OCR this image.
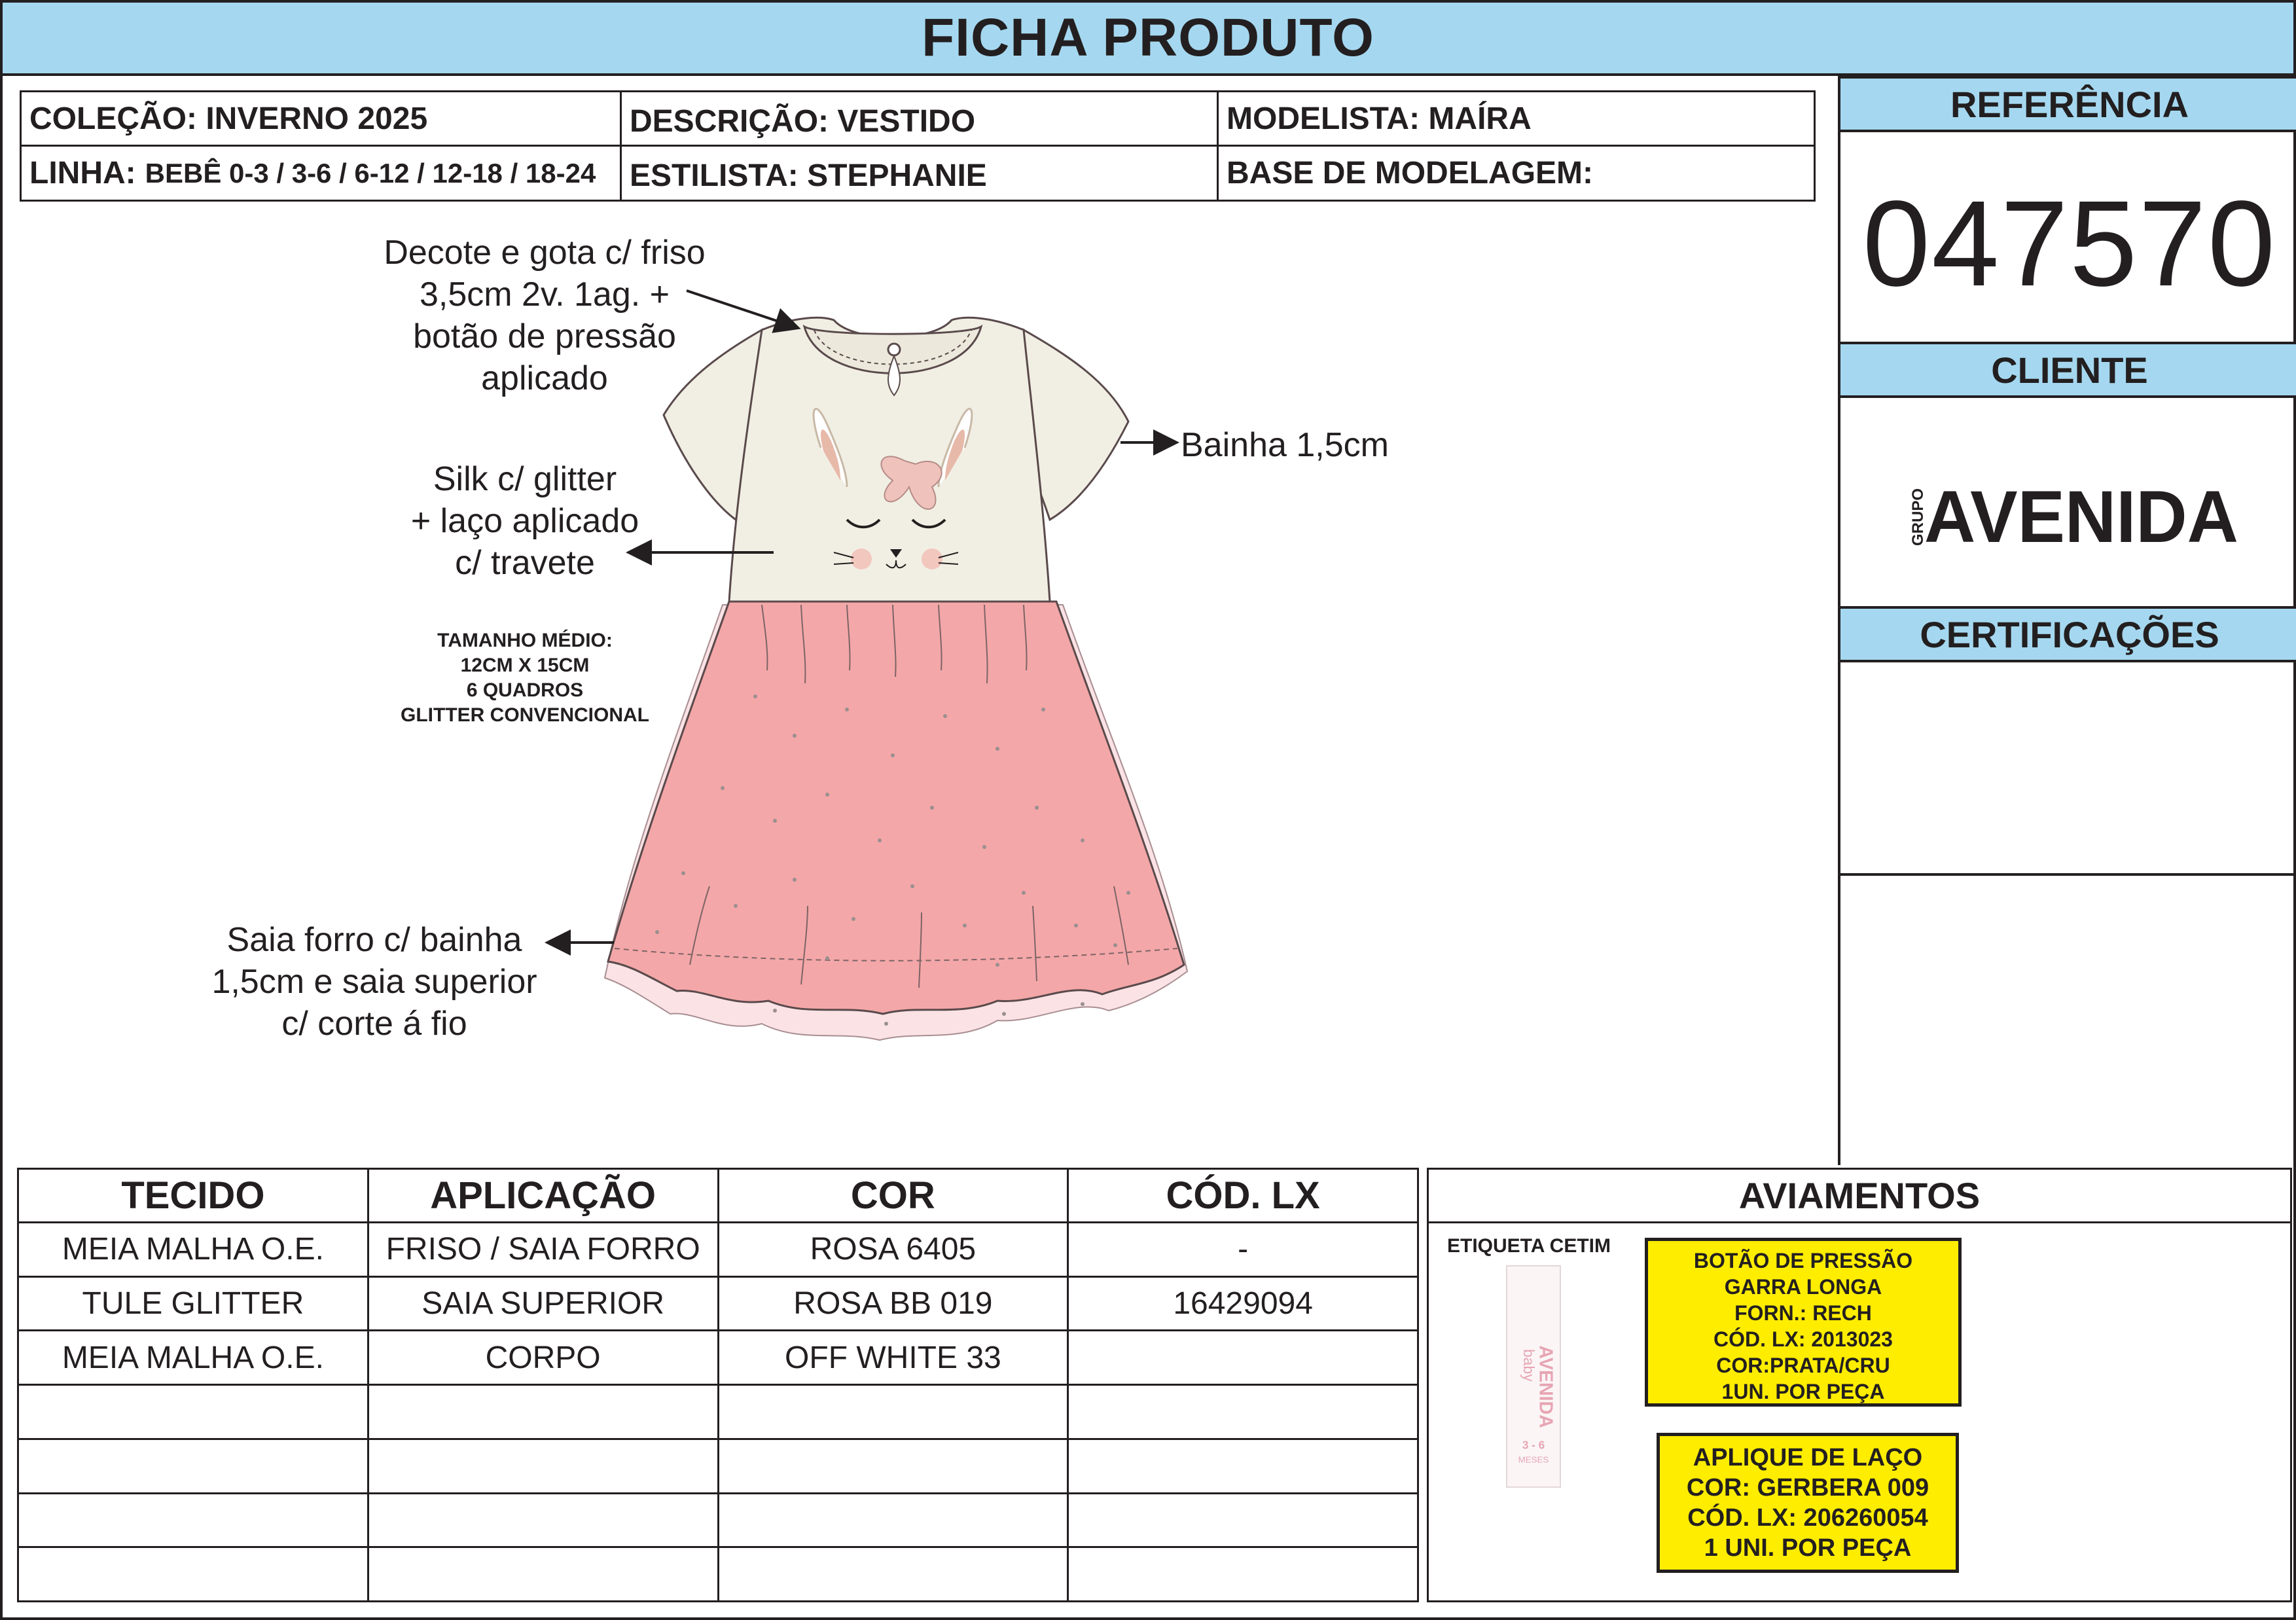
FICHA PRODUTO
COLEÇÃO: INVERNO 2025	DESCRIÇÃO: VESTIDO	MODELISTA: MAÍRA
LINHA: BEBÊ 0-3 / 3-6 / 6-12 / 12-18 / 18-24 ESTILISTA: STEPHANIE	BASE DE MODELAGEM:
REFERÊNCIA
047570
CLIENTE
GRUPO
AVENIDA
CERTIFICAÇÕES
Decote e gota c/ friso
3,5cm 2v. 1ag. +
botão de pressão
aplicado
Bainha 1,5cm
Silk c/ glitter
+ laço aplicado
c/ travete
TAMANHO MÉDIO:
12CM X 15CM
6 QUADROS
GLITTER CONVENCIONAL
Saia forro c/ bainha
1,5cm e saia superior
c/ corte á fio
TECIDO	APLICAÇÃO	COR	CÓD. LX
MEIA MALHA O.E.	FRISO / SAIA FORRO	ROSA 6405	-
TULE GLITTER	SAIA SUPERIOR	ROSA BB 019	16429094
MEIA MALHA O.E.	CORPO	OFF WHITE 33	

AVIAMENTOS
ETIQUETA CETIM
AVENIDA
baby
3 - 6
MESES
BOTÃO DE PRESSÃO
GARRA LONGA
FORN.: RECH
CÓD. LX: 2013023
COR:PRATA/CRU
1UN. POR PEÇA
APLIQUE DE LAÇO
COR: GERBERA 009
CÓD. LX: 206260054
1 UNI. POR PEÇA
